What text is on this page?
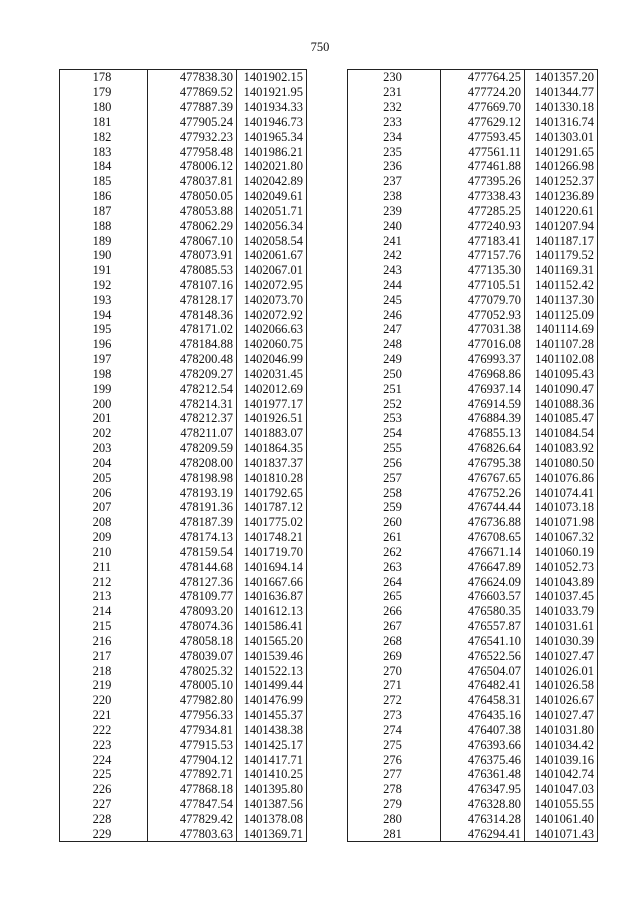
750
178	477838.30	1401902.15
179	477869.52	1401921.95
180	477887.39	1401934.33
181	477905.24	1401946.73
182	477932.23	1401965.34
183	477958.48	1401986.21
184	478006.12	1402021.80
185	478037.81	1402042.89
186	478050.05	1402049.61
187	478053.88	1402051.71
188	478062.29	1402056.34
189	478067.10	1402058.54
190	478073.91	1402061.67
191	478085.53	1402067.01
192	478107.16	1402072.95
193	478128.17	1402073.70
194	478148.36	1402072.92
195	478171.02	1402066.63
196	478184.88	1402060.75
197	478200.48	1402046.99
198	478209.27	1402031.45
199	478212.54	1402012.69
200	478214.31	1401977.17
201	478212.37	1401926.51
202	478211.07	1401883.07
203	478209.59	1401864.35
204	478208.00	1401837.37
205	478198.98	1401810.28
206	478193.19	1401792.65
207	478191.36	1401787.12
208	478187.39	1401775.02
209	478174.13	1401748.21
210	478159.54	1401719.70
211	478144.68	1401694.14
212	478127.36	1401667.66
213	478109.77	1401636.87
214	478093.20	1401612.13
215	478074.36	1401586.41
216	478058.18	1401565.20
217	478039.07	1401539.46
218	478025.32	1401522.13
219	478005.10	1401499.44
220	477982.80	1401476.99
221	477956.33	1401455.37
222	477934.81	1401438.38
223	477915.53	1401425.17
224	477904.12	1401417.71
225	477892.71	1401410.25
226	477868.18	1401395.80
227	477847.54	1401387.56
228	477829.42	1401378.08
229	477803.63	1401369.71
230	477764.25	1401357.20
231	477724.20	1401344.77
232	477669.70	1401330.18
233	477629.12	1401316.74
234	477593.45	1401303.01
235	477561.11	1401291.65
236	477461.88	1401266.98
237	477395.26	1401252.37
238	477338.43	1401236.89
239	477285.25	1401220.61
240	477240.93	1401207.94
241	477183.41	1401187.17
242	477157.76	1401179.52
243	477135.30	1401169.31
244	477105.51	1401152.42
245	477079.70	1401137.30
246	477052.93	1401125.09
247	477031.38	1401114.69
248	477016.08	1401107.28
249	476993.37	1401102.08
250	476968.86	1401095.43
251	476937.14	1401090.47
252	476914.59	1401088.36
253	476884.39	1401085.47
254	476855.13	1401084.54
255	476826.64	1401083.92
256	476795.38	1401080.50
257	476767.65	1401076.86
258	476752.26	1401074.41
259	476744.44	1401073.18
260	476736.88	1401071.98
261	476708.65	1401067.32
262	476671.14	1401060.19
263	476647.89	1401052.73
264	476624.09	1401043.89
265	476603.57	1401037.45
266	476580.35	1401033.79
267	476557.87	1401031.61
268	476541.10	1401030.39
269	476522.56	1401027.47
270	476504.07	1401026.01
271	476482.41	1401026.58
272	476458.31	1401026.67
273	476435.16	1401027.47
274	476407.38	1401031.80
275	476393.66	1401034.42
276	476375.46	1401039.16
277	476361.48	1401042.74
278	476347.95	1401047.03
279	476328.80	1401055.55
280	476314.28	1401061.40
281	476294.41	1401071.43
